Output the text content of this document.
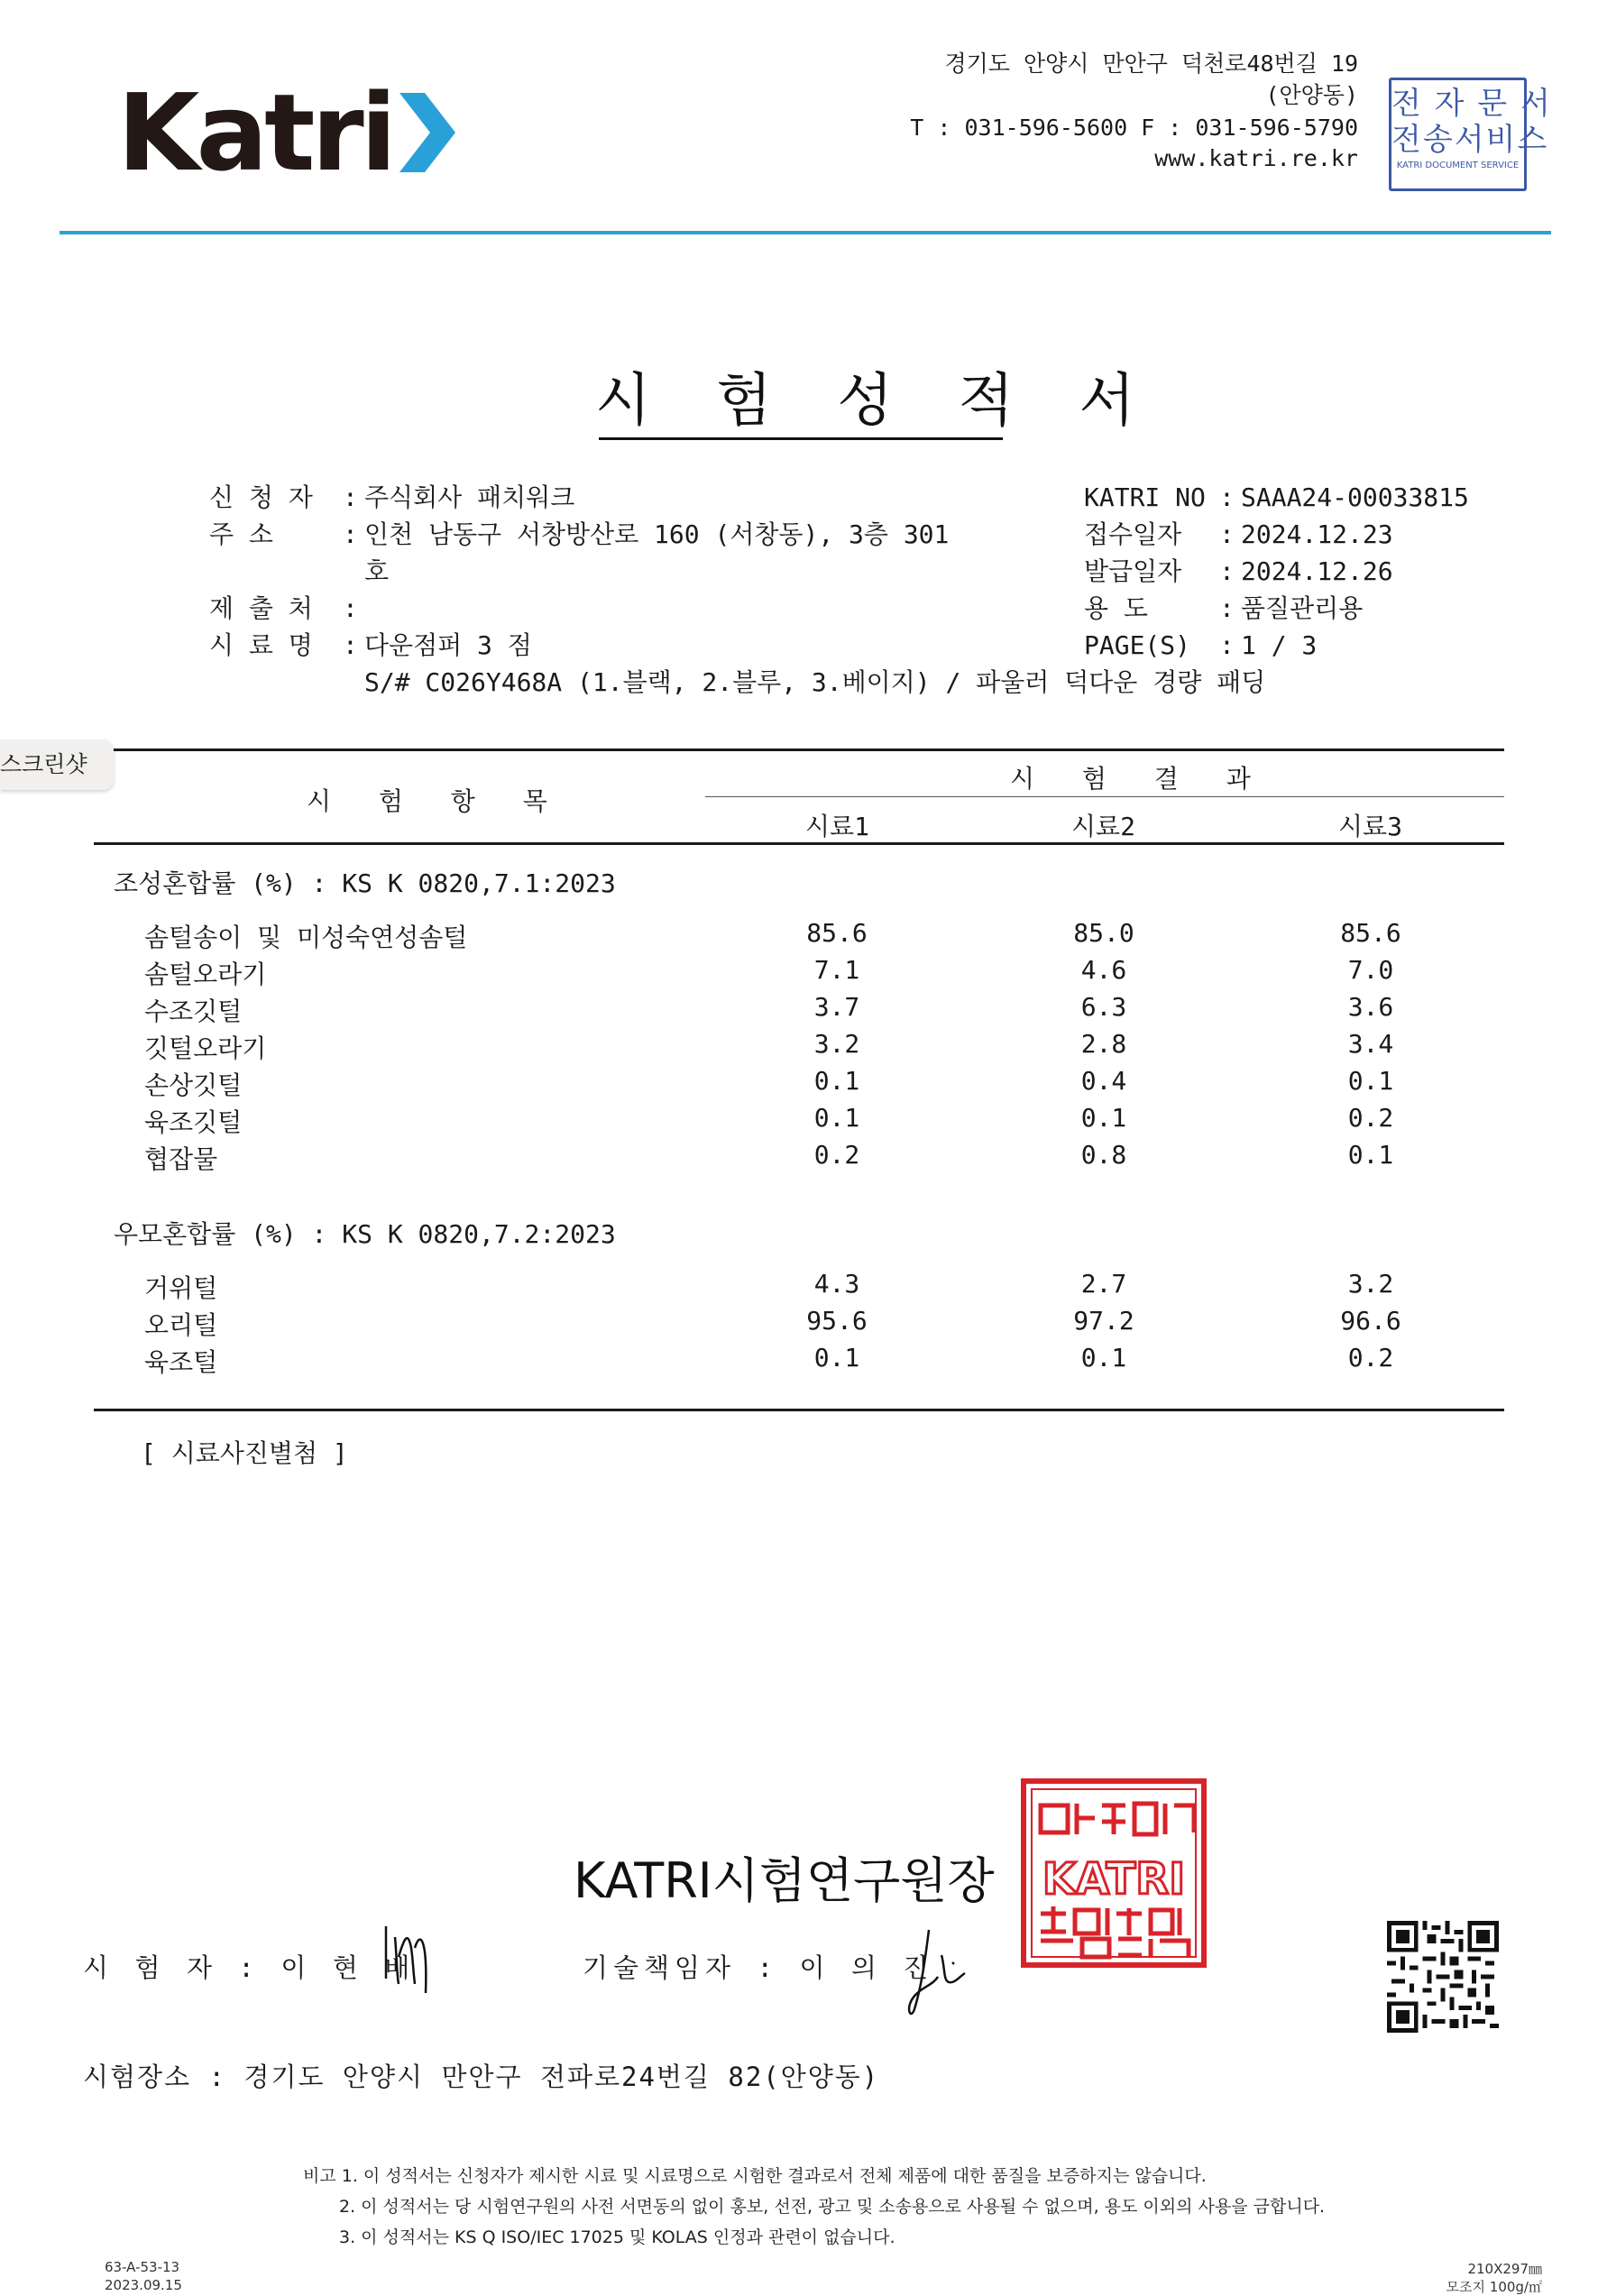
Katri
경기도 안양시 만안구 덕천로48번길 19
(안양동)
T : 031-596-5600 F : 031-596-5790
www.katri.re.kr
전 자 문 서
전송서비스
KATRI DOCUMENT SERVICE
시 험 성 적 서
신 청 자 : 주식회사 패치워크
주 소	: 인천 남동구 서창방산로 160 (서창동), 3층 301
호
제 출 처 :
시 료 명 : 다운점퍼 3 점
S/# C026Y468A (1.블랙, 2.블루, 3.베이지) / 파울러 덕다운 경량 패딩
KATRI NO : SAAA24-00033815
접수일자 : 2024.12.23
발급일자 : 2024.12.26
용 도	: 품질관리용
PAGE(S) : 1 / 3
스크린샷
시 험 항 목
시 험 결 과
시료1	시료2	시료3
조성혼합률 (%) : KS K 0820,7.1:2023
솜털송이 및 미성숙연성솜털	85.6	85.0	85.6
솜털오라기	7.1	4.6	7.0
수조깃털	3.7	6.3	3.6
깃털오라기	3.2	2.8	3.4
손상깃털	0.1	0.4	0.1
육조깃털	0.1	0.1	0.2
협잡물	0.2	0.8	0.1
우모혼합률 (%) : KS K 0820,7.2:2023
거위털	4.3	2.7	3.2
오리털	95.6	97.2	96.6
육조털	0.1	0.1	0.2
[ 시료사진별첨 ]
KATRI시험연구원장 KATRI
시 험 자 : 이 현 배	기술책임자 : 이 의 진
시험장소 : 경기도 안양시 만안구 전파로24번길 82(안양동)
비고 1. 이 성적서는 신청자가 제시한 시료 및 시료명으로 시험한 결과로서 전체 제품에 대한 품질을 보증하지는 않습니다.
2. 이 성적서는 당 시험연구원의 사전 서면동의 없이 홍보, 선전, 광고 및 소송용으로 사용될 수 없으며, 용도 이외의 사용을 금합니다.
3. 이 성적서는 KS Q ISO/IEC 17025 및 KOLAS 인정과 관련이 없습니다.
63-A-53-13
2023.09.15
210X297㎜
모조지 100g/㎡
